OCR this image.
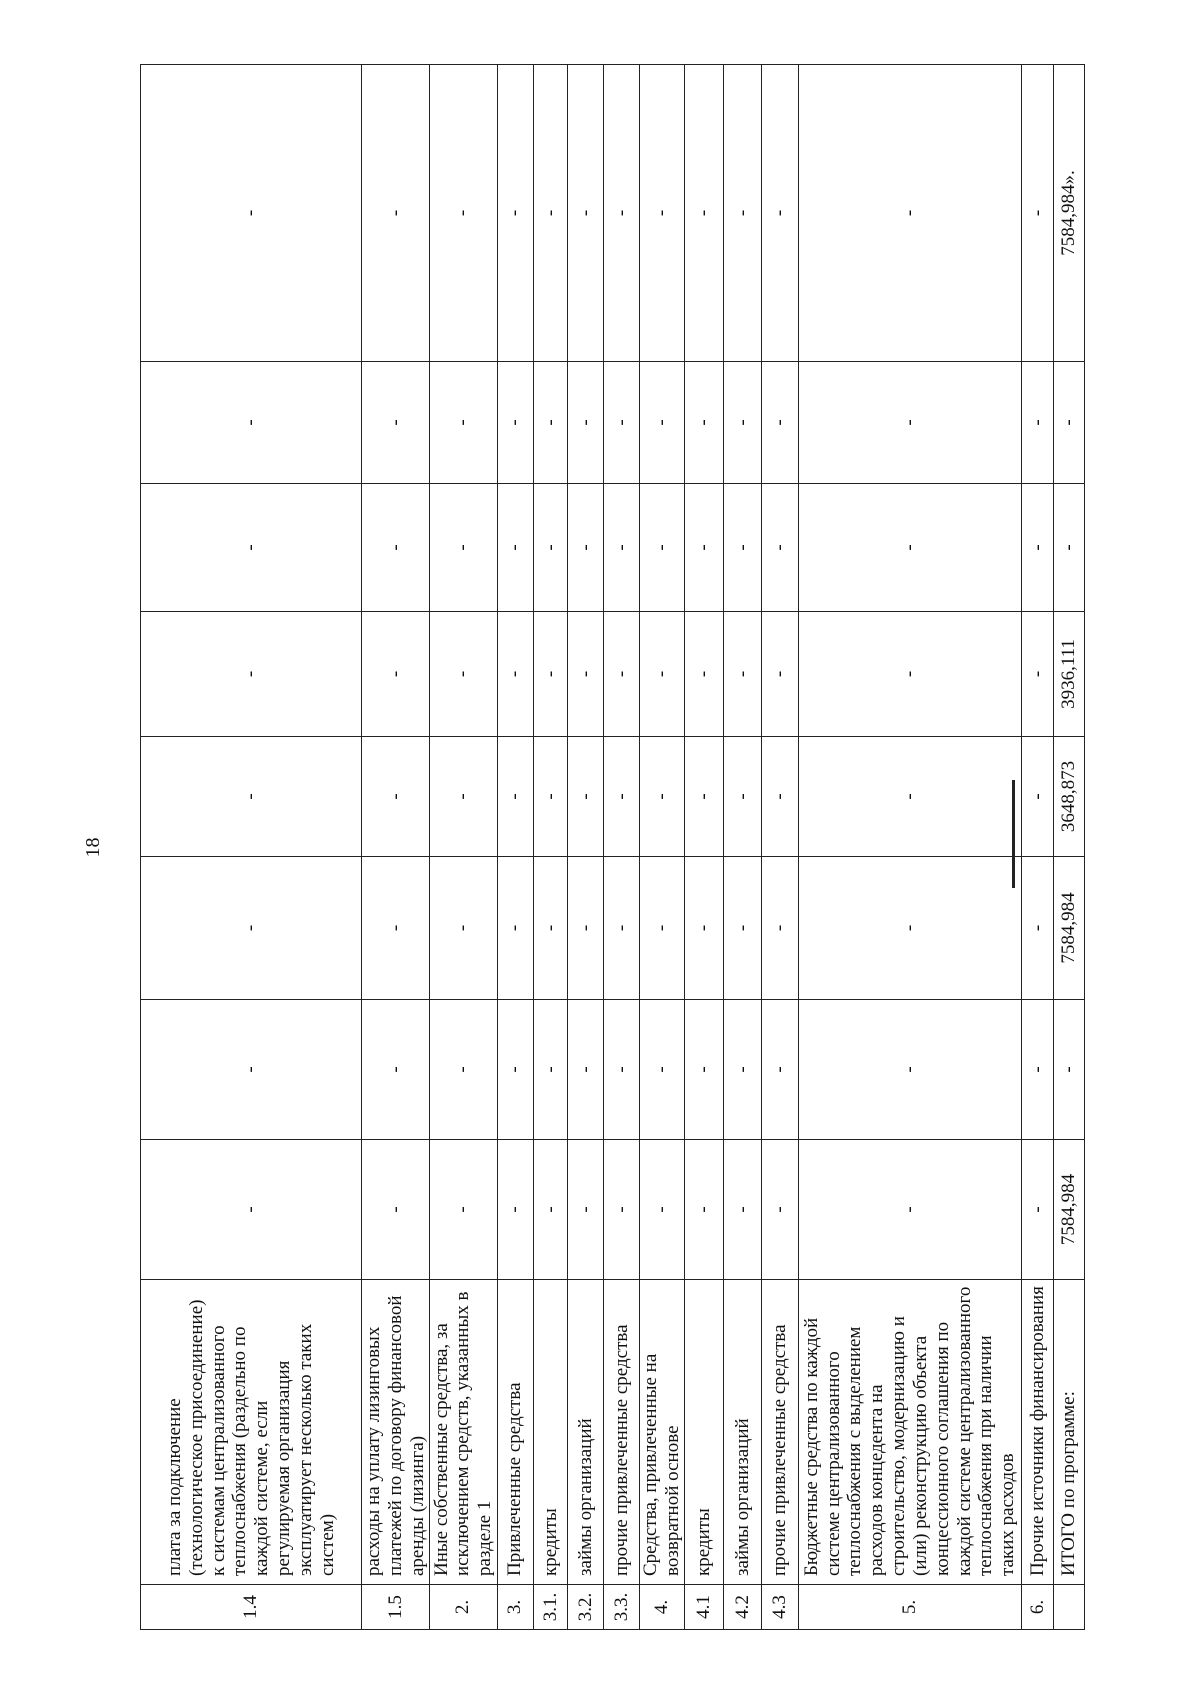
18
1.4	плата за подключение (технологическое присоединение) к системам централизованного теплоснабжения (раздельно по каждой системе, если регулируемая организация эксплуатирует несколько таких систем)	-	-	-	-	-	-	-	-
1.5	расходы на уплату лизинговых платежей по договору финансовой аренды (лизинга)	-	-	-	-	-	-	-	-
2.	Иные собственные средства, за исключением средств, указанных в разделе 1	-	-	-	-	-	-	-	-
3.	Привлеченные средства	-	-	-	-	-	-	-	-
3.1.	кредиты	-	-	-	-	-	-	-	-
3.2.	займы организаций	-	-	-	-	-	-	-	-
3.3.	прочие привлеченные средства	-	-	-	-	-	-	-	-
4.	Средства, привлеченные на возвратной основе	-	-	-	-	-	-	-	-
4.1	кредиты	-	-	-	-	-	-	-	-
4.2	займы организаций	-	-	-	-	-	-	-	-
4.3	прочие привлеченные средства	-	-	-	-	-	-	-	-
5.	Бюджетные средства по каждой системе централизованного теплоснабжения с выделением расходов концедента на строительство, модернизацию и (или) реконструкцию объекта концессионного соглашения по каждой системе централизованного теплоснабжения при наличии таких расходов	-	-	-	-	-	-	-	-
6.	Прочие источники финансирования	-	-	-	-	-	-	-	-
	ИТОГО по программе:	7584,984	-	7584,984	3648,873	3936,111	-	-	7584,984».
